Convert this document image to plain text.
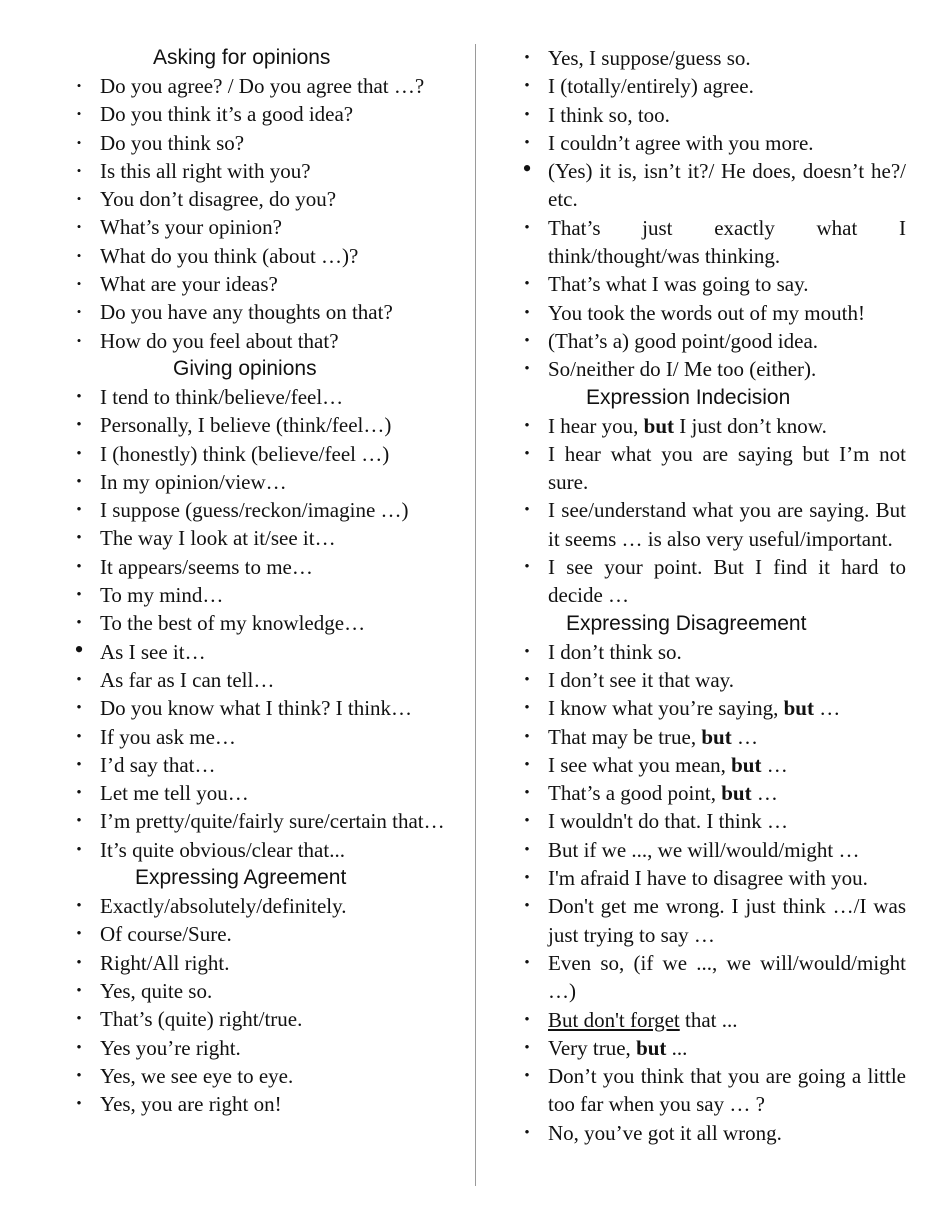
Asking for opinions
• Do you agree? / Do you agree that …?
• Do you think it’s a good idea?
• Do you think so?
• Is this all right with you?
• You don’t disagree, do you?
• What’s your opinion?
• What do you think (about …)?
• What are your ideas?
• Do you have any thoughts on that?
• How do you feel about that?
Giving opinions
• I tend to think/believe/feel…
• Personally, I believe (think/feel…)
• I (honestly) think (believe/feel …)
• In my opinion/view…
• I suppose (guess/reckon/imagine …)
• The way I look at it/see it…
• It appears/seems to me…
• To my mind…
• To the best of my knowledge…
• As I see it…
• As far as I can tell…
• Do you know what I think? I think…
• If you ask me…
• I’d say that…
• Let me tell you…
• I’m pretty/quite/fairly sure/certain that…
• It’s quite obvious/clear that...
Expressing Agreement
• Exactly/absolutely/definitely.
• Of course/Sure.
• Right/All right.
• Yes, quite so.
• That’s (quite) right/true.
• Yes you’re right.
• Yes, we see eye to eye.
• Yes, you are right on!
• Yes, I suppose/guess so.
• I (totally/entirely) agree.
• I think so, too.
• I couldn’t agree with you more.
• (Yes) it is, isn’t it?/ He does, doesn’t he?/ etc.
• That’s just exactly what I think/thought/was thinking.
• That’s what I was going to say.
• You took the words out of my mouth!
• (That’s a) good point/good idea.
• So/neither do I/ Me too (either).
Expression Indecision
• I hear you, but I just don’t know.
• I hear what you are saying but I’m not sure.
• I see/understand what you are saying. But it seems … is also very useful/important.
• I see your point. But I find it hard to decide …
Expressing Disagreement
• I don’t think so.
• I don’t see it that way.
• I know what you’re saying, but …
• That may be true, but …
• I see what you mean, but …
• That’s a good point, but …
• I wouldn't do that. I think …
• But if we ..., we will/would/might …
• I'm afraid I have to disagree with you.
• Don't get me wrong. I just think …/I was just trying to say …
• Even so, (if we ..., we will/would/might …)
• But don't forget that ...
• Very true, but ...
• Don’t you think that you are going a little too far when you say … ?
• No, you’ve got it all wrong.
